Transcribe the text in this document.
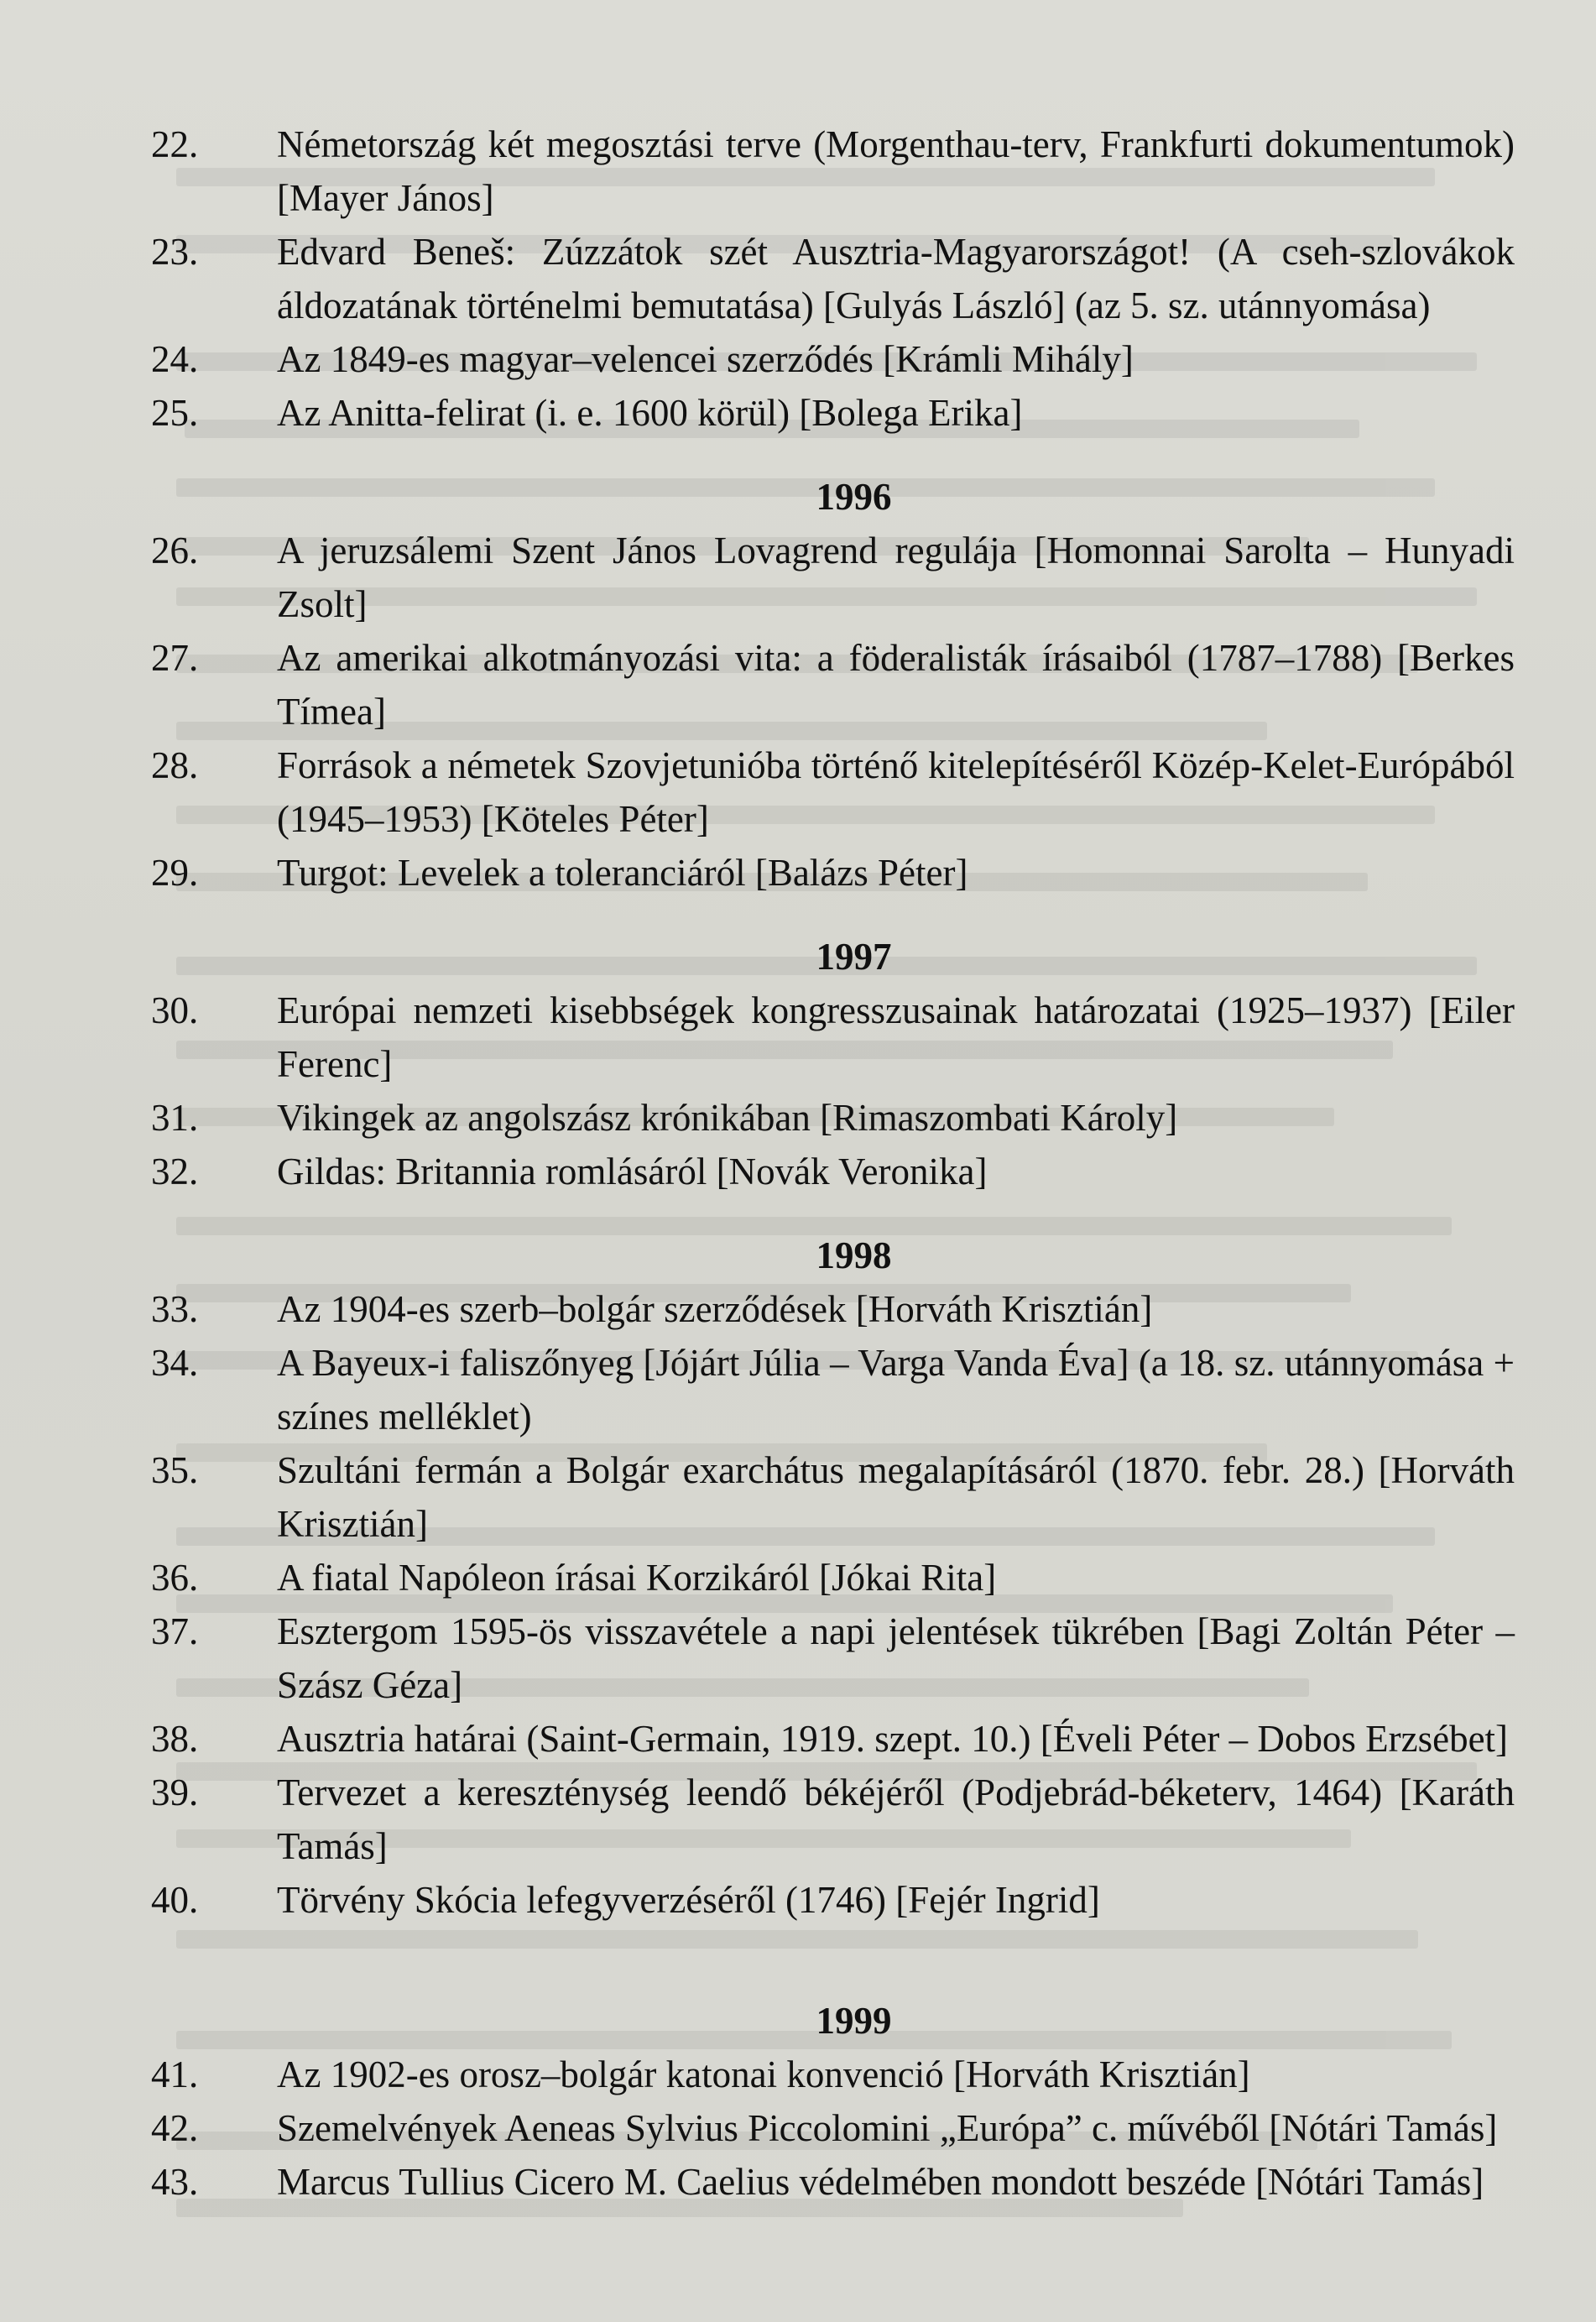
22.	Németország két megosztási terve (Morgenthau-terv, Frankfurti dokumentumok) [Mayer János]
23.	Edvard Beneš: Zúzzátok szét Ausztria-Magyarországot! (A cseh-szlovákok áldozatának történelmi bemutatása) [Gulyás László] (az 5. sz. utánnyomása)
24.	Az 1849-es magyar–velencei szerződés [Krámli Mihály]
25.	Az Anitta-felirat (i. e. 1600 körül) [Bolega Erika]
1996
26.	A jeruzsálemi Szent János Lovagrend regulája [Homonnai Sarolta – Hunyadi Zsolt]
27.	Az amerikai alkotmányozási vita: a föderalisták írásaiból (1787–1788) [Berkes Tímea]
28.	Források a németek Szovjetunióba történő kitelepítéséről Közép-Kelet-Európából (1945–1953) [Köteles Péter]
29.	Turgot: Levelek a toleranciáról [Balázs Péter]
1997
30.	Európai nemzeti kisebbségek kongresszusainak határozatai (1925–1937) [Eiler Ferenc]
31.	Vikingek az angolszász krónikában [Rimaszombati Károly]
32.	Gildas: Britannia romlásáról [Novák Veronika]
1998
33.	Az 1904-es szerb–bolgár szerződések [Horváth Krisztián]
34.	A Bayeux-i faliszőnyeg [Jójárt Júlia – Varga Vanda Éva] (a 18. sz. utánnyomása + színes melléklet)
35.	Szultáni fermán a Bolgár exarchátus megalapításáról (1870. febr. 28.) [Horváth Krisztián]
36.	A fiatal Napóleon írásai Korzikáról [Jókai Rita]
37.	Esztergom 1595-ös visszavétele a napi jelentések tükrében [Bagi Zoltán Péter – Szász Géza]
38.	Ausztria határai (Saint-Germain, 1919. szept. 10.) [Éveli Péter – Dobos Erzsébet]
39.	Tervezet a kereszténység leendő békéjéről (Podjebrád-béketerv, 1464) [Karáth Tamás]
40.	Törvény Skócia lefegyverzéséről (1746) [Fejér Ingrid]
1999
41.	Az 1902-es orosz–bolgár katonai konvenció [Horváth Krisztián]
42.	Szemelvények Aeneas Sylvius Piccolomini „Európa” c. művéből [Nótári Tamás]
43.	Marcus Tullius Cicero M. Caelius védelmében mondott beszéde [Nótári Tamás]
